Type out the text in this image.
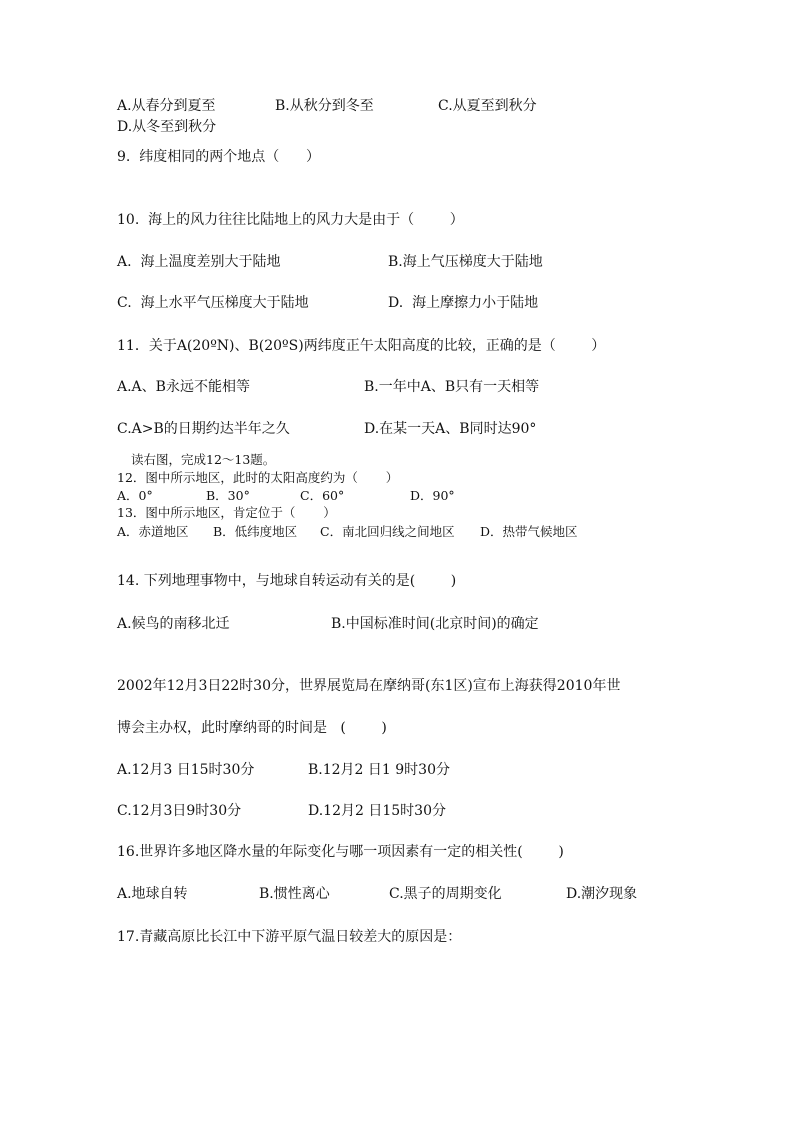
A.从春分到夏至	B.从秋分到冬至	C.从夏至到秋分
D.从冬至到秋分
9.  纬度相同的两个地点（      ）
10.  海上的风力往往比陆地上的风力大是由于（        ）
A.  海上温度差别大于陆地	B.海上气压梯度大于陆地
C.  海上水平气压梯度大于陆地	D.  海上摩擦力小于陆地
11．关于A(20ºN)、B(20ºS)两纬度正午太阳高度的比较，正确的是（        ）
A.A、B永远不能相等	B.一年中A、B只有一天相等
C.A>B的日期约达半年之久	D.在某一天A、B同时达90°
读右图，完成12～13题。
12．图中所示地区，此时的太阳高度约为（       ）
A．0°	B．30°	C．60°	D．90°
13．图中所示地区，肯定位于（       ）
A．赤道地区 B．低纬度地区 C．南北回归线之间地区 D．热带气候地区
14. 下列地理事物中，与地球自转运动有关的是(        )
A.候鸟的南移北迁	B.中国标准时间(北京时间)的确定
2002年12月3日22时30分，世界展览局在摩纳哥(东1区)宣布上海获得2010年世
博会主办权，此时摩纳哥的时间是   (        )
A.12月3 日15时30分	B.12月2 日1 9时30分
C.12月3日9时30分	D.12月2 日15时30分
16.世界许多地区降水量的年际变化与哪一项因素有一定的相关性(        )
A.地球自转	B.惯性离心	C.黑子的周期变化	D.潮汐现象
17.青藏高原比长江中下游平原气温日较差大的原因是：
